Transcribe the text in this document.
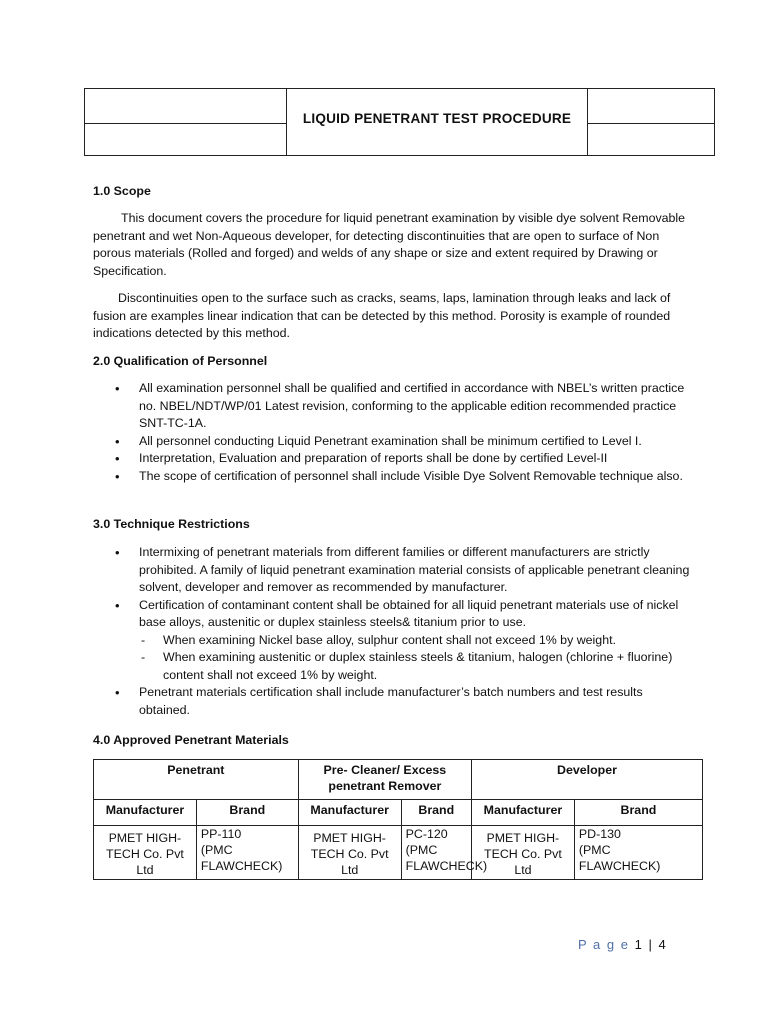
LIQUID PENETRANT TEST PROCEDURE
1.0 Scope
This document covers the procedure for liquid penetrant examination by visible dye solvent Removable penetrant and wet Non-Aqueous developer, for detecting discontinuities that are open to surface of Non porous materials (Rolled and forged) and welds of any shape or size and extent required by Drawing or Specification.
Discontinuities open to the surface such as cracks, seams, laps, lamination through leaks and lack of fusion are examples linear indication that can be detected by this method. Porosity is example of rounded indications detected by this method.
2.0 Qualification of Personnel
• All examination personnel shall be qualified and certified in accordance with NBEL’s written practice no. NBEL/NDT/WP/01 Latest revision, conforming to the applicable edition recommended practice SNT-TC-1A.
• All personnel conducting Liquid Penetrant examination shall be minimum certified to Level I.
• Interpretation, Evaluation and preparation of reports shall be done by certified Level-II
• The scope of certification of personnel shall include Visible Dye Solvent Removable technique also.
3.0 Technique Restrictions
• Intermixing of penetrant materials from different families or different manufacturers are strictly prohibited. A family of liquid penetrant examination material consists of applicable penetrant cleaning solvent, developer and remover as recommended by manufacturer.
• Certification of contaminant content shall be obtained for all liquid penetrant materials use of nickel base alloys, austenitic or duplex stainless steels& titanium prior to use.
- When examining Nickel base alloy, sulphur content shall not exceed 1% by weight.
- When examining austenitic or duplex stainless steels & titanium, halogen (chlorine + fluorine) content shall not exceed 1% by weight.
• Penetrant materials certification shall include manufacturer’s batch numbers and test results obtained.
4.0 Approved Penetrant Materials
Penetrant		Pre- Cleaner/ Excess penetrant Remover		Developer	
Manufacturer	Brand	Manufacturer	Brand	Manufacturer	Brand
PMET HIGH-
TECH Co. Pvt
Ltd	PP-110
(PMC
FLAWCHECK)	PMET HIGH-
TECH Co. Pvt
Ltd	PC-120
(PMC
FLAWCHECK)	PMET HIGH-
TECH Co. Pvt
Ltd	PD-130
(PMC
FLAWCHECK)
P a g e 1 | 4
